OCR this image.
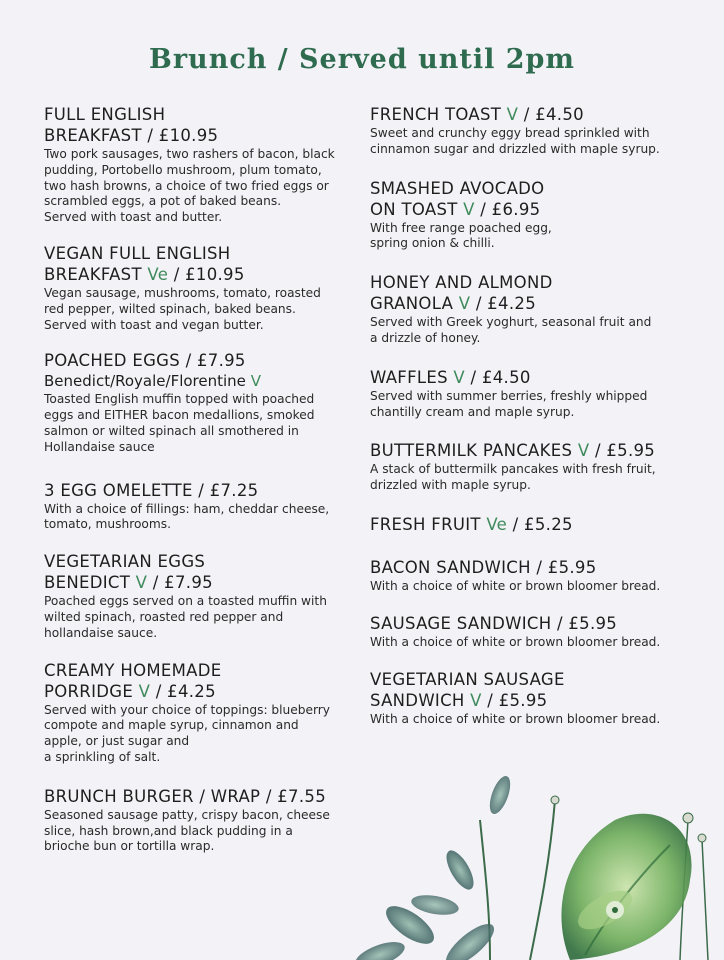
Brunch / Served until 2pm
FULL ENGLISH
BREAKFAST / £10.95
Two pork sausages, two rashers of bacon, black
pudding, Portobello mushroom, plum tomato,
two hash browns, a choice of two fried eggs or
scrambled eggs, a pot of baked beans.
Served with toast and butter.
VEGAN FULL ENGLISH
BREAKFAST Ve / £10.95
Vegan sausage, mushrooms, tomato, roasted
red pepper, wilted spinach, baked beans.
Served with toast and vegan butter.
POACHED EGGS / £7.95
Benedict/Royale/Florentine V
Toasted English muffin topped with poached
eggs and EITHER bacon medallions, smoked
salmon or wilted spinach all smothered in
Hollandaise sauce
3 EGG OMELETTE / £7.25
With a choice of fillings: ham, cheddar cheese,
tomato, mushrooms.
VEGETARIAN EGGS
BENEDICT V / £7.95
Poached eggs served on a toasted muffin with
wilted spinach, roasted red pepper and
hollandaise sauce.
CREAMY HOMEMADE
PORRIDGE V / £4.25
Served with your choice of toppings: blueberry
compote and maple syrup, cinnamon and
apple, or just sugar and
a sprinkling of salt.
BRUNCH BURGER / WRAP / £7.55
Seasoned sausage patty, crispy bacon, cheese
slice, hash brown,and black pudding in a
brioche bun or tortilla wrap.
FRENCH TOAST V / £4.50
Sweet and crunchy eggy bread sprinkled with
cinnamon sugar and drizzled with maple syrup.
SMASHED AVOCADO
ON TOAST V / £6.95
With free range poached egg,
spring onion & chilli.
HONEY AND ALMOND
GRANOLA V / £4.25
Served with Greek yoghurt, seasonal fruit and
a drizzle of honey.
WAFFLES V / £4.50
Served with summer berries, freshly whipped
chantilly cream and maple syrup.
BUTTERMILK PANCAKES V / £5.95
A stack of buttermilk pancakes with fresh fruit,
drizzled with maple syrup.
FRESH FRUIT Ve / £5.25
BACON SANDWICH / £5.95
With a choice of white or brown bloomer bread.
SAUSAGE SANDWICH / £5.95
With a choice of white or brown bloomer bread.
VEGETARIAN SAUSAGE
SANDWICH V / £5.95
With a choice of white or brown bloomer bread.
